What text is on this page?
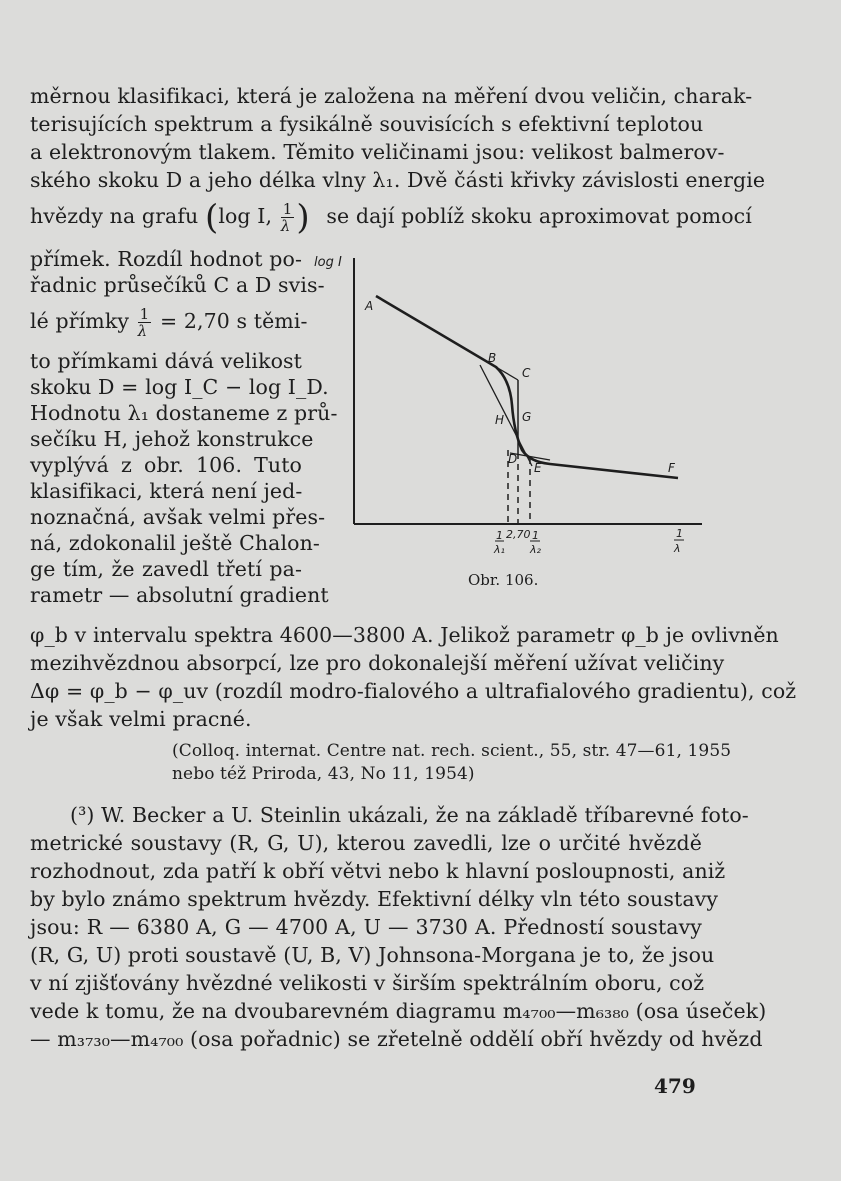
měrnou klasifikaci, která je založena na měření dvou veličin, charak-
terisujících spektrum a fysikálně souvisících s efektivní teplotou
a elektronovým tlakem. Těmito veličinami jsou: velikost balmerov-
ského skoku D a jeho délka vlny λ₁. Dvě části křivky závislosti energie
hvězdy na grafu (log I, $\frac{1}{\lambda}$ ) se dají poblíž skoku aproximovat pomocí
přímek. Rozdíl hodnot po-
řadnic průsečíků C a D svis-
lé přímky $\frac{1}{\lambda} = 2,70$ s těmi-
to přímkami dává velikost
skoku D = log I_C − log I_D.
Hodnotu λ₁ dostaneme z prů-
sečíku H, jehož konstrukce
vyplývá z obr. 106. Tuto
klasifikaci, která není jed-
noznačná, avšak velmi přes-
ná, zdokonalil ještě Chalon-
ge tím, že zavedl třetí pa-
rametr — absolutní gradient
log I
A
B
C
H G
D
E	F
1
λ₁
2,70 1
λ₂
1
λ
Obr. 106.
φ_b v intervalu spektra 4600—3800 A. Jelikož parametr φ_b je ovlivněn
mezihvězdnou absorpcí, lze pro dokonalejší měření užívat veličiny
Δφ = φ_b − φ_uv (rozdíl modro-fialového a ultrafialového gradientu), což
je však velmi pracné.
(Colloq. internat. Centre nat. rech. scient., 55, str. 47—61, 1955
nebo též Priroda, 43, No 11, 1954)
(³) W. Becker a U. Steinlin ukázali, že na základě tříbarevné foto-
metrické soustavy (R, G, U), kterou zavedli, lze o určité hvězdě
rozhodnout, zda patří k obří větvi nebo k hlavní posloupnosti, aniž
by bylo známo spektrum hvězdy. Efektivní délky vln této soustavy
jsou: R — 6380 A, G — 4700 A, U — 3730 A. Předností soustavy
(R, G, U) proti soustavě (U, B, V) Johnsona-Morgana je to, že jsou
v ní zjišťovány hvězdné velikosti v širším spektrálním oboru, což
vede k tomu, že na dvoubarevném diagramu m₄₇₀₀—m₆₃₈₀ (osa úseček)
— m₃₇₃₀—m₄₇₀₀ (osa pořadnic) se zřetelně oddělí obří hvězdy od hvězd
479
